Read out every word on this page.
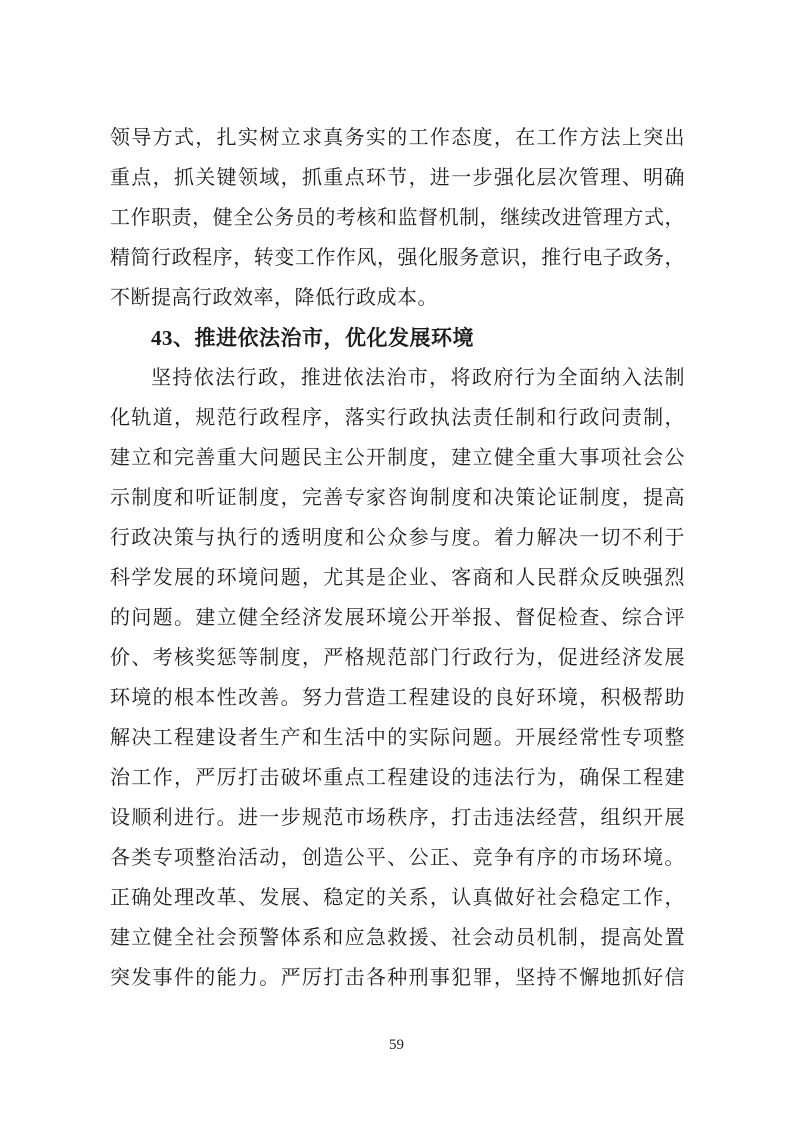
领导方式，扎实树立求真务实的工作态度，在工作方法上突出
重点，抓关键领域，抓重点环节，进一步强化层次管理、明确
工作职责，健全公务员的考核和监督机制，继续改进管理方式，
精简行政程序，转变工作作风，强化服务意识，推行电子政务，
不断提高行政效率，降低行政成本。
43、推进依法治市，优化发展环境
坚持依法行政，推进依法治市，将政府行为全面纳入法制
化轨道，规范行政程序，落实行政执法责任制和行政问责制，
建立和完善重大问题民主公开制度，建立健全重大事项社会公
示制度和听证制度，完善专家咨询制度和决策论证制度，提高
行政决策与执行的透明度和公众参与度。着力解决一切不利于
科学发展的环境问题，尤其是企业、客商和人民群众反映强烈
的问题。建立健全经济发展环境公开举报、督促检查、综合评
价、考核奖惩等制度，严格规范部门行政行为，促进经济发展
环境的根本性改善。努力营造工程建设的良好环境，积极帮助
解决工程建设者生产和生活中的实际问题。开展经常性专项整
治工作，严厉打击破坏重点工程建设的违法行为，确保工程建
设顺利进行。进一步规范市场秩序，打击违法经营，组织开展
各类专项整治活动，创造公平、公正、竞争有序的市场环境。
正确处理改革、发展、稳定的关系，认真做好社会稳定工作，
建立健全社会预警体系和应急救援、社会动员机制，提高处置
突发事件的能力。严厉打击各种刑事犯罪，坚持不懈地抓好信
59
